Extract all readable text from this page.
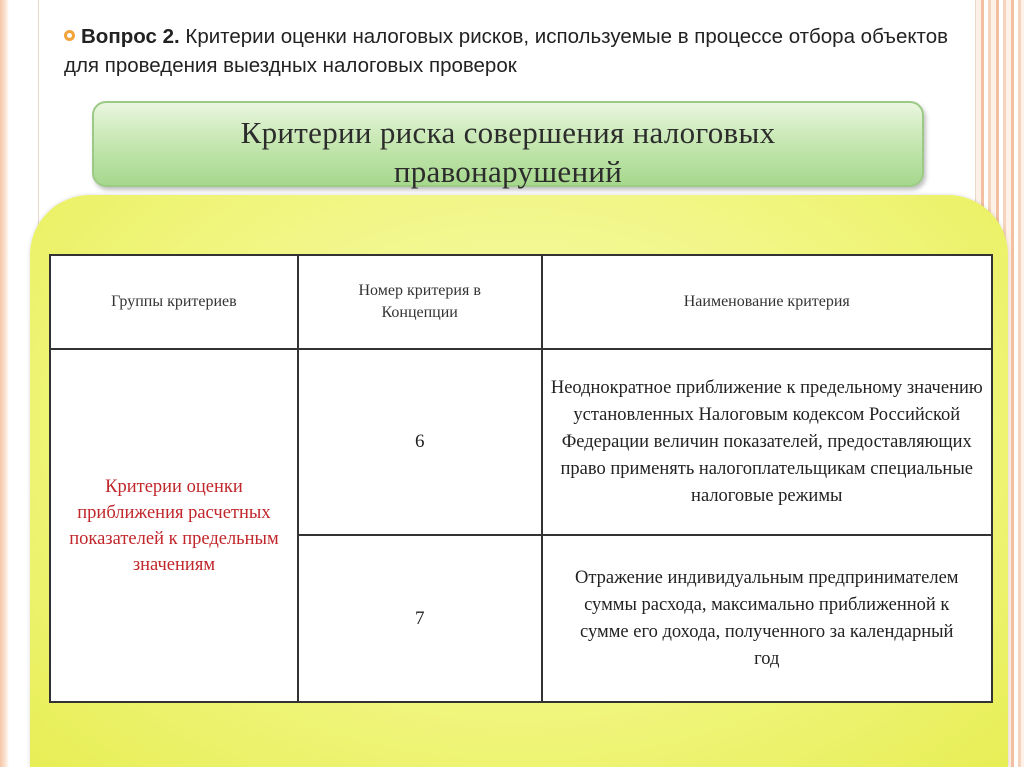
Вопрос 2. Критерии оценки налоговых рисков, используемые в процессе отбора объектов для проведения выездных налоговых проверок
Критерии риска совершения налоговых
правонарушений
Группы критериев	Номер критерия в Концепции	Наименование критерия
Критерии оценки приближения расчетных показателей к предельным значениям	6	Неоднократное приближение к предельному значению установленных Налоговым кодексом Российской Федерации величин показателей, предоставляющих право применять налогоплательщикам специальные налоговые режимы
	7	Отражение индивидуальным предпринимателем суммы расхода, максимально приближенной к сумме его дохода, полученного за календарный год
